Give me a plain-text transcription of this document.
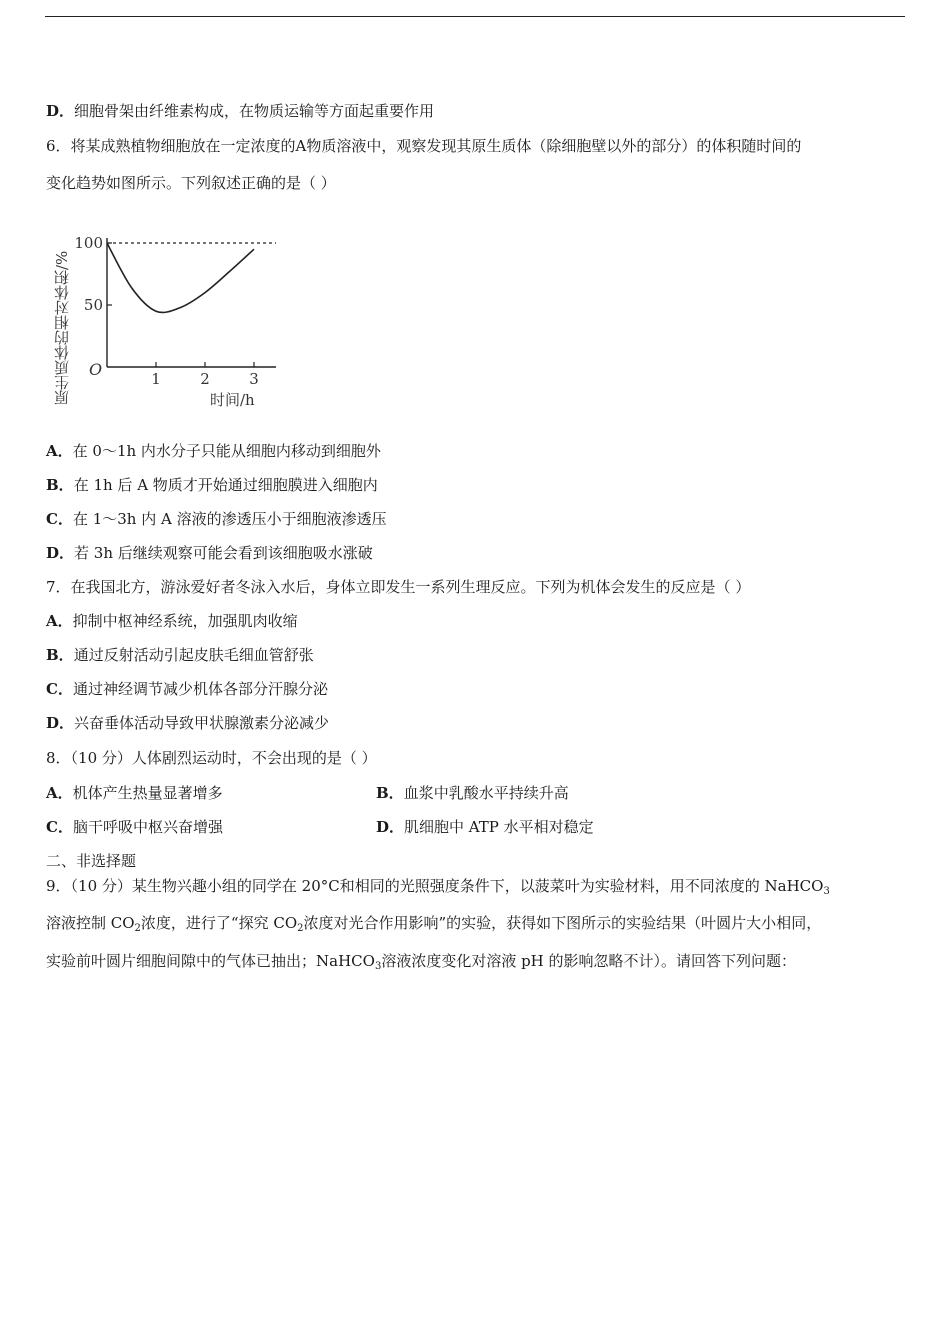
D．细胞骨架由纤维素构成，在物质运输等方面起重要作用
6．将某成熟植物细胞放在一定浓度的A物质溶液中，观察发现其原生质体（除细胞壁以外的部分）的体积随时间的
变化趋势如图所示。下列叙述正确的是（ ）
原生质体的相对体积/%	1	2	3
100
50
O
时间/h
A．在 0～1h 内水分子只能从细胞内移动到细胞外
B．在 1h 后 A 物质才开始通过细胞膜进入细胞内
C．在 1～3h 内 A 溶液的渗透压小于细胞液渗透压
D．若 3h 后继续观察可能会看到该细胞吸水涨破
7．在我国北方，游泳爱好者冬泳入水后，身体立即发生一系列生理反应。下列为机体会发生的反应是（ ）
A．抑制中枢神经系统，加强肌肉收缩
B．通过反射活动引起皮肤毛细血管舒张
C．通过神经调节减少机体各部分汗腺分泌
D．兴奋垂体活动导致甲状腺激素分泌减少
8．（10 分）人体剧烈运动时，不会出现的是（ ）
A．机体产生热量显著增多	B．血浆中乳酸水平持续升高
C．脑干呼吸中枢兴奋增强	D．肌细胞中 ATP 水平相对稳定
二、非选择题
9．（10 分）某生物兴趣小组的同学在 20°C和相同的光照强度条件下，以菠菜叶为实验材料，用不同浓度的 NaHCO$_3$
溶液控制 $CO_2$浓度，进行了“探究 $CO_2$浓度对光合作用影响”的实验，获得如下图所示的实验结果（叶圆片大小相同，
实验前叶圆片细胞间隙中的气体已抽出；NaHCO$_3$溶液浓度变化对溶液 pH 的影响忽略不计）。请回答下列问题：
